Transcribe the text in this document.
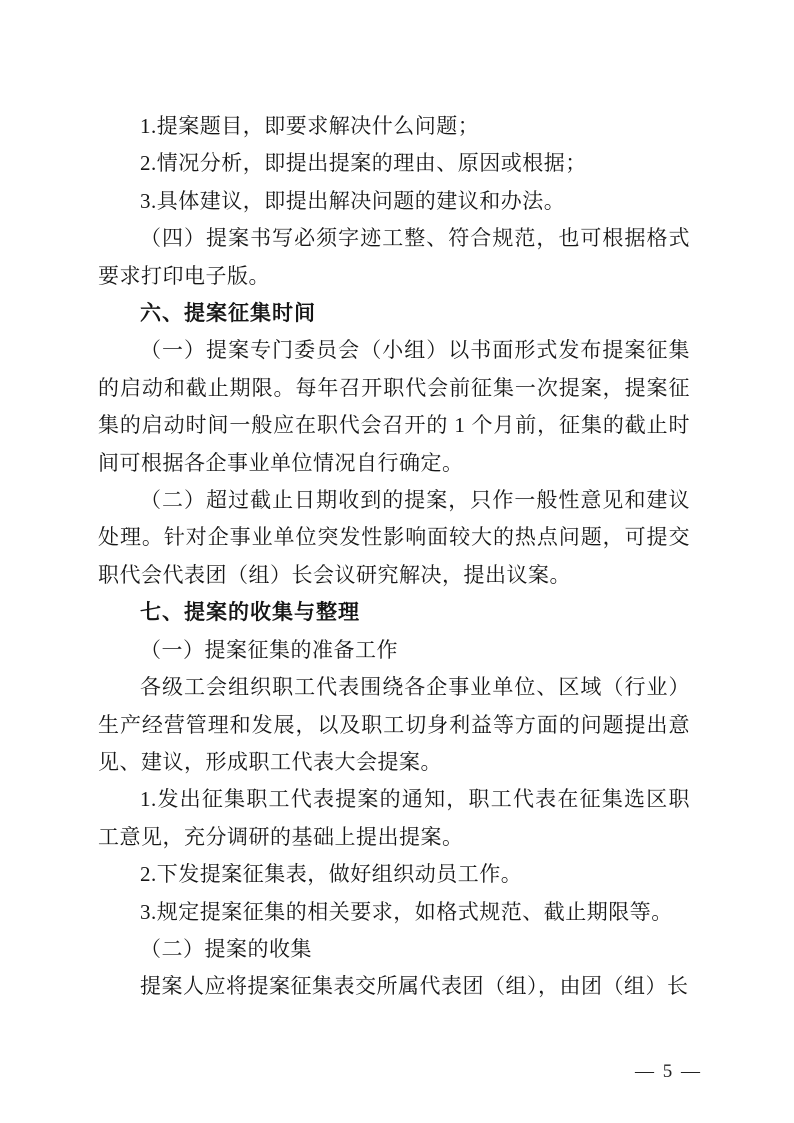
1.提案题目，即要求解决什么问题；

2.情况分析，即提出提案的理由、原因或根据；

3.具体建议，即提出解决问题的建议和办法。

（四）提案书写必须字迹工整、符合规范，也可根据格式要求打印电子版。

六、提案征集时间

（一）提案专门委员会（小组）以书面形式发布提案征集的启动和截止期限。每年召开职代会前征集一次提案，提案征集的启动时间一般应在职代会召开的 1 个月前，征集的截止时间可根据各企事业单位情况自行确定。

（二）超过截止日期收到的提案，只作一般性意见和建议处理。针对企事业单位突发性影响面较大的热点问题，可提交职代会代表团（组）长会议研究解决，提出议案。

七、提案的收集与整理

（一）提案征集的准备工作

各级工会组织职工代表围绕各企事业单位、区域（行业）生产经营管理和发展，以及职工切身利益等方面的问题提出意见、建议，形成职工代表大会提案。

1.发出征集职工代表提案的通知，职工代表在征集选区职工意见，充分调研的基础上提出提案。

2.下发提案征集表，做好组织动员工作。

3.规定提案征集的相关要求，如格式规范、截止期限等。

（二）提案的收集

提案人应将提案征集表交所属代表团（组），由团（组）长

— 5 —
